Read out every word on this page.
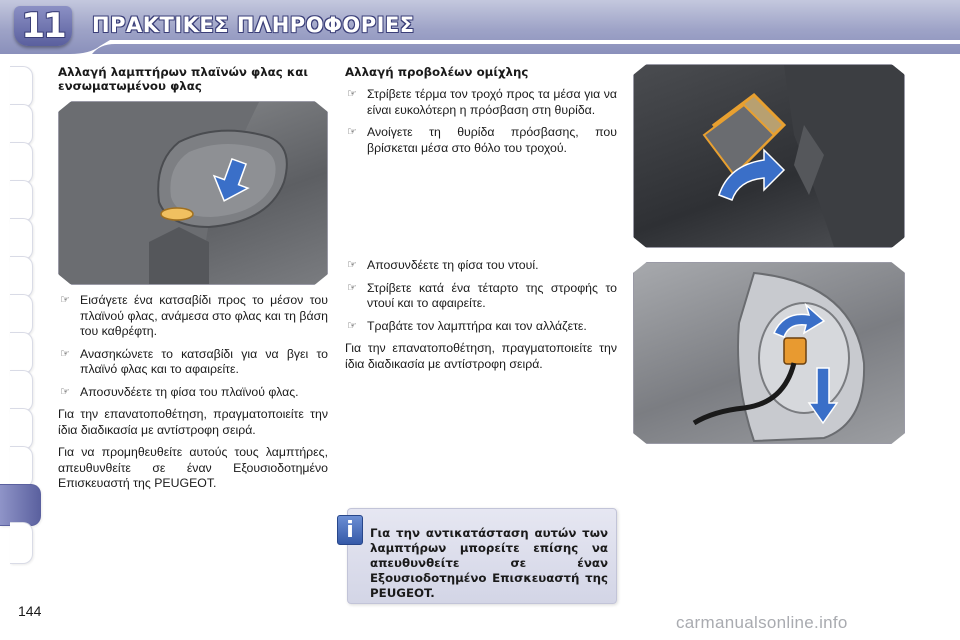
11 ΠΡΑΚΤΙΚΕΣ ΠΛΗΡΟΦΟΡΙΕΣ
Αλλαγή λαμπτήρων πλαϊνών φλας και ενσωματωμένου φλας
☞ Εισάγετε ένα κατσαβίδι προς το μέσον του πλαϊνού φλας, ανάμεσα στο φλας και τη βάση του καθρέφτη.
☞ Ανασηκώνετε το κατσαβίδι για να βγει το πλαϊνό φλας και το αφαιρείτε.
☞ Αποσυνδέετε τη φίσα του πλαϊνού φλας.
Για την επανατοποθέτηση, πραγματοποιείτε την ίδια διαδικασία με αντίστροφη σειρά.
Για να προμηθευθείτε αυτούς τους λαμπτήρες, απευθυνθείτε σε έναν Εξουσιοδοτημένο Επισκευαστή της PEUGEOT.
Αλλαγή προβολέων ομίχλης
☞ Στρίβετε τέρμα τον τροχό προς τα μέσα για να είναι ευκολότερη η πρόσβαση στη θυρίδα.
☞ Ανοίγετε τη θυρίδα πρόσβασης, που βρίσκεται μέσα στο θόλο του τροχού.
☞ Αποσυνδέετε τη φίσα του ντουί.
☞ Στρίβετε κατά ένα τέταρτο της στροφής το ντουί και το αφαιρείτε.
☞ Τραβάτε τον λαμπτήρα και τον αλλάζετε.
Για την επανατοποθέτηση, πραγματοποιείτε την ίδια διαδικασία με αντίστροφη σειρά.
i	Για την αντικατάσταση αυτών των λαμπτήρων μπορείτε επίσης να απευθυνθείτε σε έναν Εξουσιοδοτημένο Επισκευαστή της PEUGEOT.
144
carmanualsonline.info
